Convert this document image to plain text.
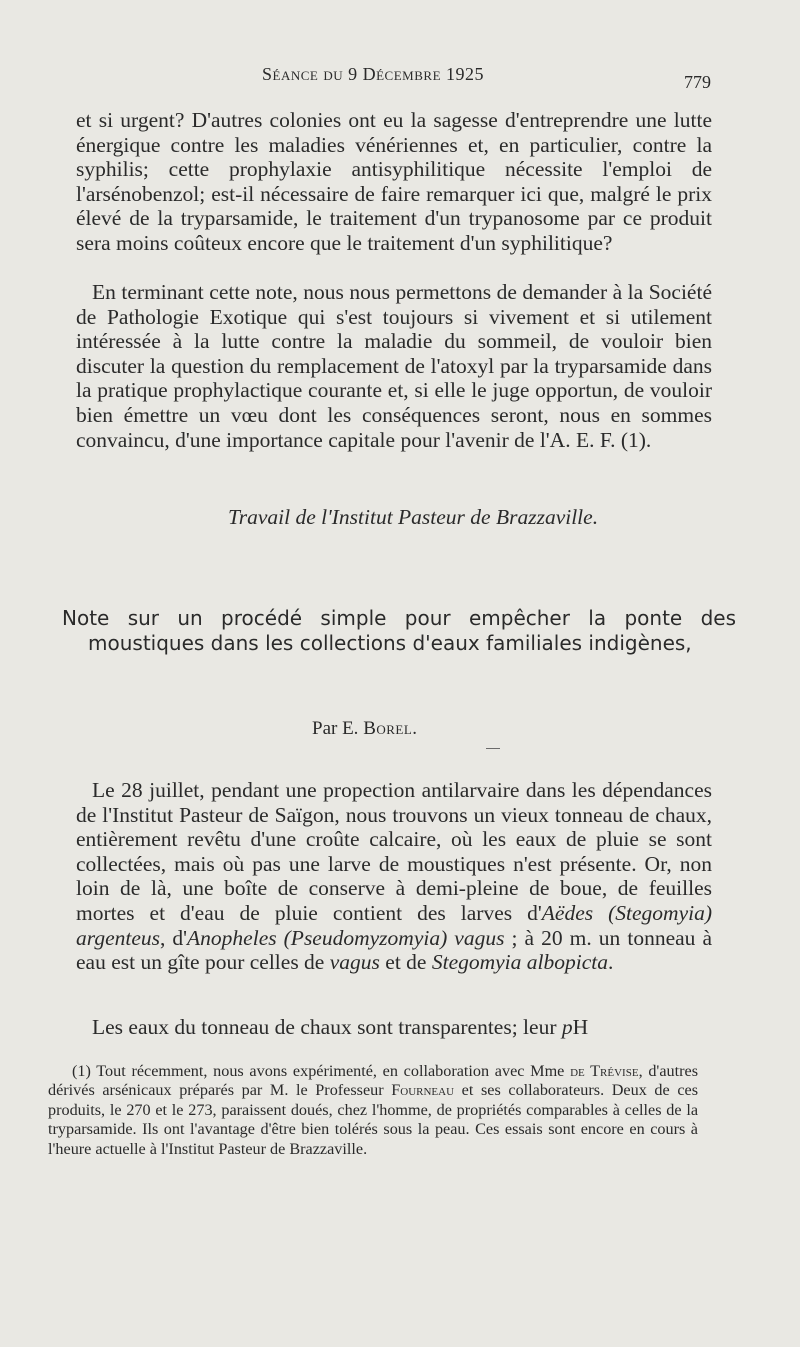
Séance du 9 Décembre 1925	779

et si urgent? D'autres colonies ont eu la sagesse d'entreprendre une lutte énergique contre les maladies vénériennes et, en particulier, contre la syphilis; cette prophylaxie antisyphilitique nécessite l'emploi de l'arsénobenzol; est-il nécessaire de faire remarquer ici que, malgré le prix élevé de la tryparsamide, le traitement d'un trypanosome par ce produit sera moins coûteux encore que le traitement d'un syphilitique?

En terminant cette note, nous nous permettons de demander à la Société de Pathologie Exotique qui s'est toujours si vivement et si utilement intéressée à la lutte contre la maladie du sommeil, de vouloir bien discuter la question du remplacement de l'atoxyl par la tryparsamide dans la pratique prophylactique courante et, si elle le juge opportun, de vouloir bien émettre un vœu dont les conséquences seront, nous en sommes convaincu, d'une importance capitale pour l'avenir de l'A. E. F. (1).

Travail de l'Institut Pasteur de Brazzaville.

Note sur un procédé simple pour empêcher la ponte des moustiques dans les collections d'eaux familiales indigènes,

Par E. Borel.

Le 28 juillet, pendant une propection antilarvaire dans les dépendances de l'Institut Pasteur de Saïgon, nous trouvons un vieux tonneau de chaux, entièrement revêtu d'une croûte calcaire, où les eaux de pluie se sont collectées, mais où pas une larve de moustiques n'est présente. Or, non loin de là, une boîte de conserve à demi-pleine de boue, de feuilles mortes et d'eau de pluie contient des larves d'Aëdes (Stegomyia) argenteus, d'Anopheles (Pseudomyzomyia) vagus ; à 20 m. un tonneau à eau est un gîte pour celles de vagus et de Stegomyia albopicta.

Les eaux du tonneau de chaux sont transparentes; leur pH

(1) Tout récemment, nous avons expérimenté, en collaboration avec Mme de Trévise, d'autres dérivés arsénicaux préparés par M. le Professeur Fourneau et ses collaborateurs. Deux de ces produits, le 270 et le 273, paraissent doués, chez l'homme, de propriétés comparables à celles de la tryparsamide. Ils ont l'avantage d'être bien tolérés sous la peau. Ces essais sont encore en cours à l'heure actuelle à l'Institut Pasteur de Brazzaville.
